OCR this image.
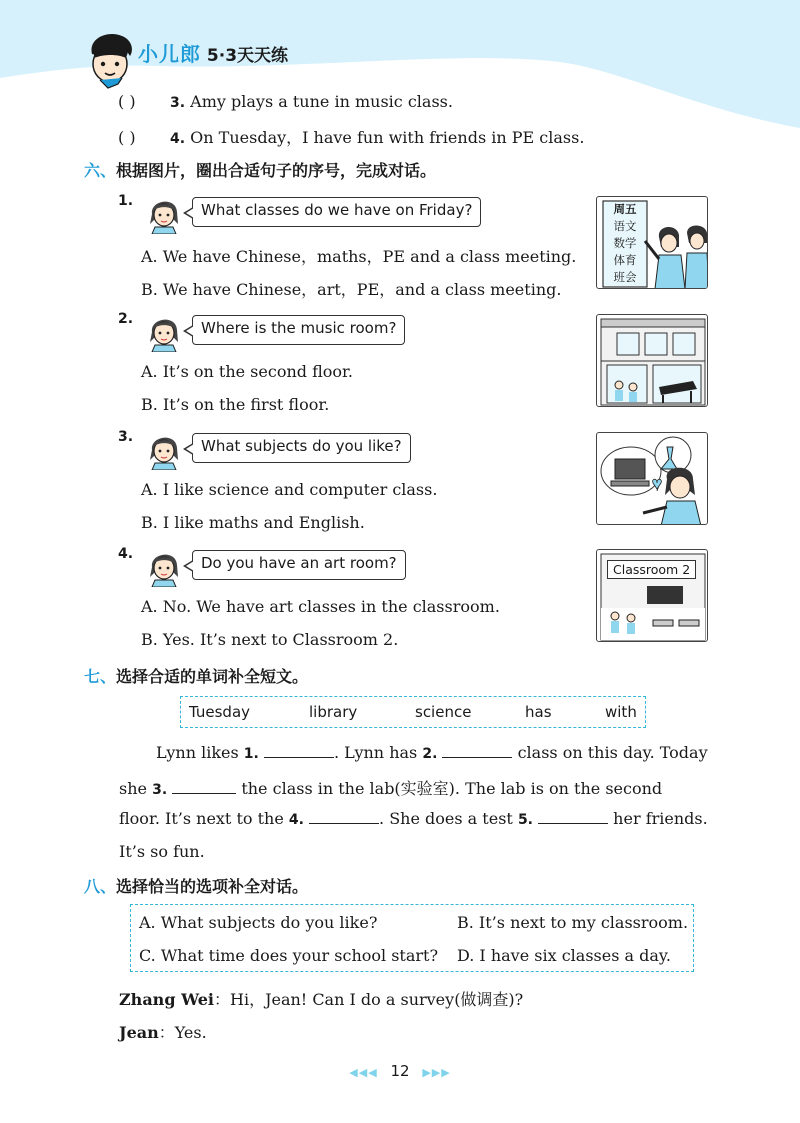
小儿郎 5·3天天练
( ) 3. Amy plays a tune in music class.
( ) 4. On Tuesday，I have fun with friends in PE class.
六、根据图片，圈出合适句子的序号，完成对话。
1.	What classes do we have on Friday?
A. We have Chinese，maths，PE and a class meeting.
B. We have Chinese，art，PE，and a class meeting.
周五
语文
数学
体育
班会
2.	Where is the music room?
A. It’s on the second floor.
B. It’s on the first floor.
3.	What subjects do you like?
A. I like science and computer class.
B. I like maths and English.
4.	Do you have an art room?
A. No. We have art classes in the classroom.
B. Yes. It’s next to Classroom 2.
Classroom 2
七、选择合适的单词补全短文。
Tuesday	library	science	has	with
Lynn likes 1.	. Lynn has 2.	class on this day. Today
she 3.	the class in the lab(实验室). The lab is on the second
floor. It’s next to the 4.	. She does a test 5.	her friends.
It’s so fun.
八、选择恰当的选项补全对话。
A. What subjects do you like?	B. It’s next to my classroom.
C. What time does your school start? D. I have six classes a day.
Zhang Wei：Hi，Jean! Can I do a survey(做调查)?
Jean：Yes.
◀◀◀ 12 ▶▶▶
